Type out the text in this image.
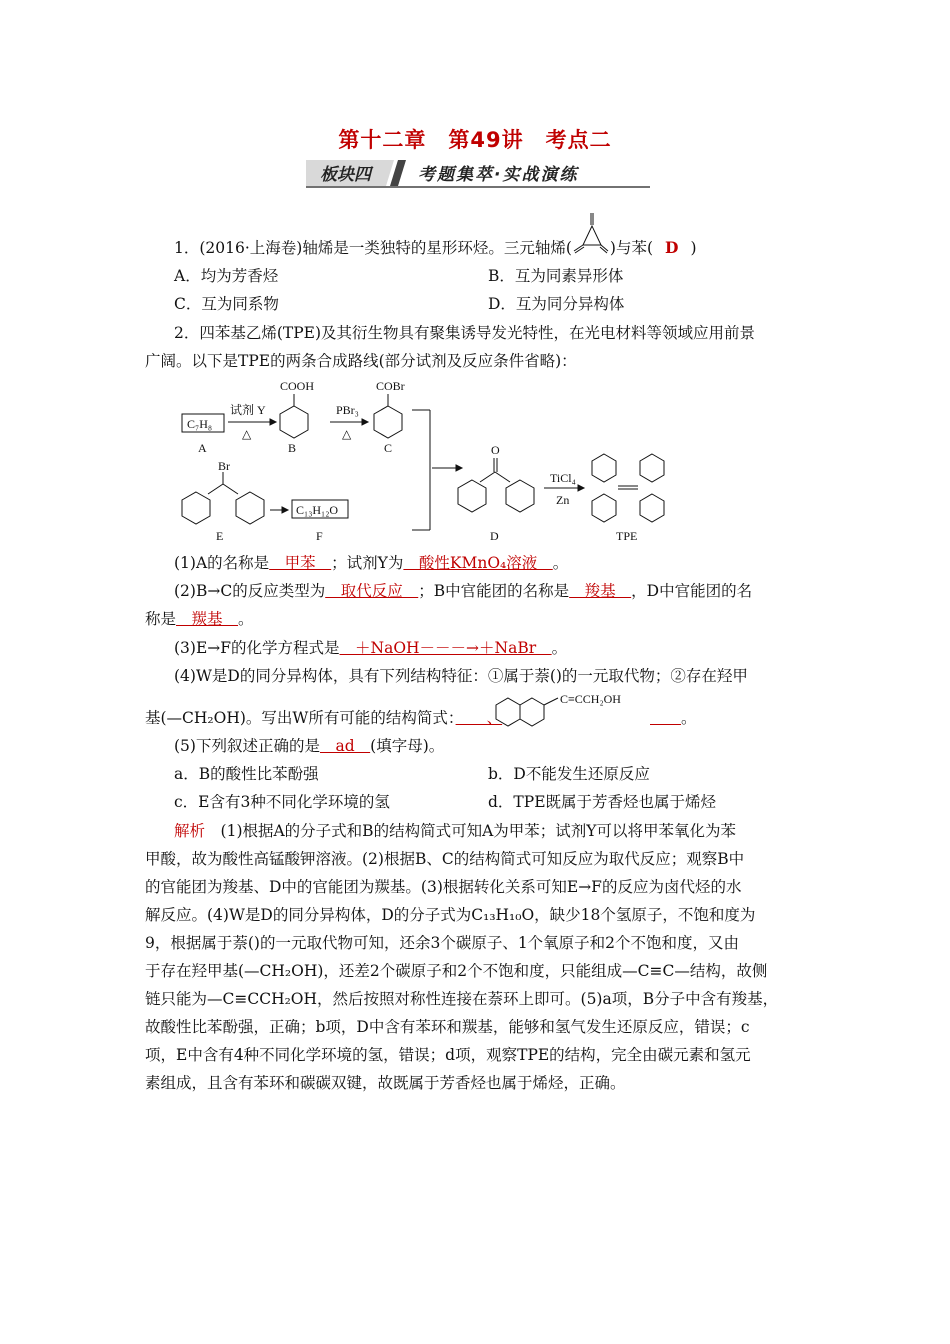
第十二章　第49讲　考点二
板块四	考题集萃·实战演练
1．(2016·上海卷)轴烯是一类独特的星形环烃。三元轴烯( )与苯( D )
A．均为芳香烃	B．互为同素异形体
C．互为同系物	D．互为同分异构体
2．四苯基乙烯(TPE)及其衍生物具有聚集诱导发光特性，在光电材料等领域应用前景
广阔。以下是TPE的两条合成路线(部分试剂及反应条件省略)：
C₇H₈
A
试剂 Y
△
COOH
B
PBr₃
△
COBr
C
Br
E
C₁₃H₁₂O
F
O
D
TiCl₄
Zn
TPE
(1)A的名称是　甲苯　；试剂Y为　酸性KMnO₄溶液　。
(2)B→C的反应类型为　取代反应　；B中官能团的名称是　羧基　，D中官能团的名
称是　羰基　。
(3)E→F的化学方程式是　＋NaOH－－－→＋NaBr　。
(4)W是D的同分异构体，具有下列结构特征：①属于萘()的一元取代物；②存在羟甲
基(—CH₂OH)。写出W所有可能的结构简式：　　、
C≡CCH₂OH
　　。
(5)下列叙述正确的是　ad　(填字母)。
a．B的酸性比苯酚强	b．D不能发生还原反应
c．E含有3种不同化学环境的氢	d．TPE既属于芳香烃也属于烯烃
解析　 (1)根据A的分子式和B的结构简式可知A为甲苯；试剂Y可以将甲苯氧化为苯
甲酸，故为酸性高锰酸钾溶液。(2)根据B、C的结构简式可知反应为取代反应；观察B中
的官能团为羧基、D中的官能团为羰基。(3)根据转化关系可知E→F的反应为卤代烃的水
解反应。(4)W是D的同分异构体，D的分子式为C₁₃H₁₀O，缺少18个氢原子，不饱和度为
9，根据属于萘()的一元取代物可知，还余3个碳原子、1个氧原子和2个不饱和度，又由
于存在羟甲基(—CH₂OH)，还差2个碳原子和2个不饱和度，只能组成—C≡C—结构，故侧
链只能为—C≡CCH₂OH，然后按照对称性连接在萘环上即可。(5)a项，B分子中含有羧基，
故酸性比苯酚强，正确；b项，D中含有苯环和羰基，能够和氢气发生还原反应，错误；c
项，E中含有4种不同化学环境的氢，错误；d项，观察TPE的结构，完全由碳元素和氢元
素组成，且含有苯环和碳碳双键，故既属于芳香烃也属于烯烃，正确。
